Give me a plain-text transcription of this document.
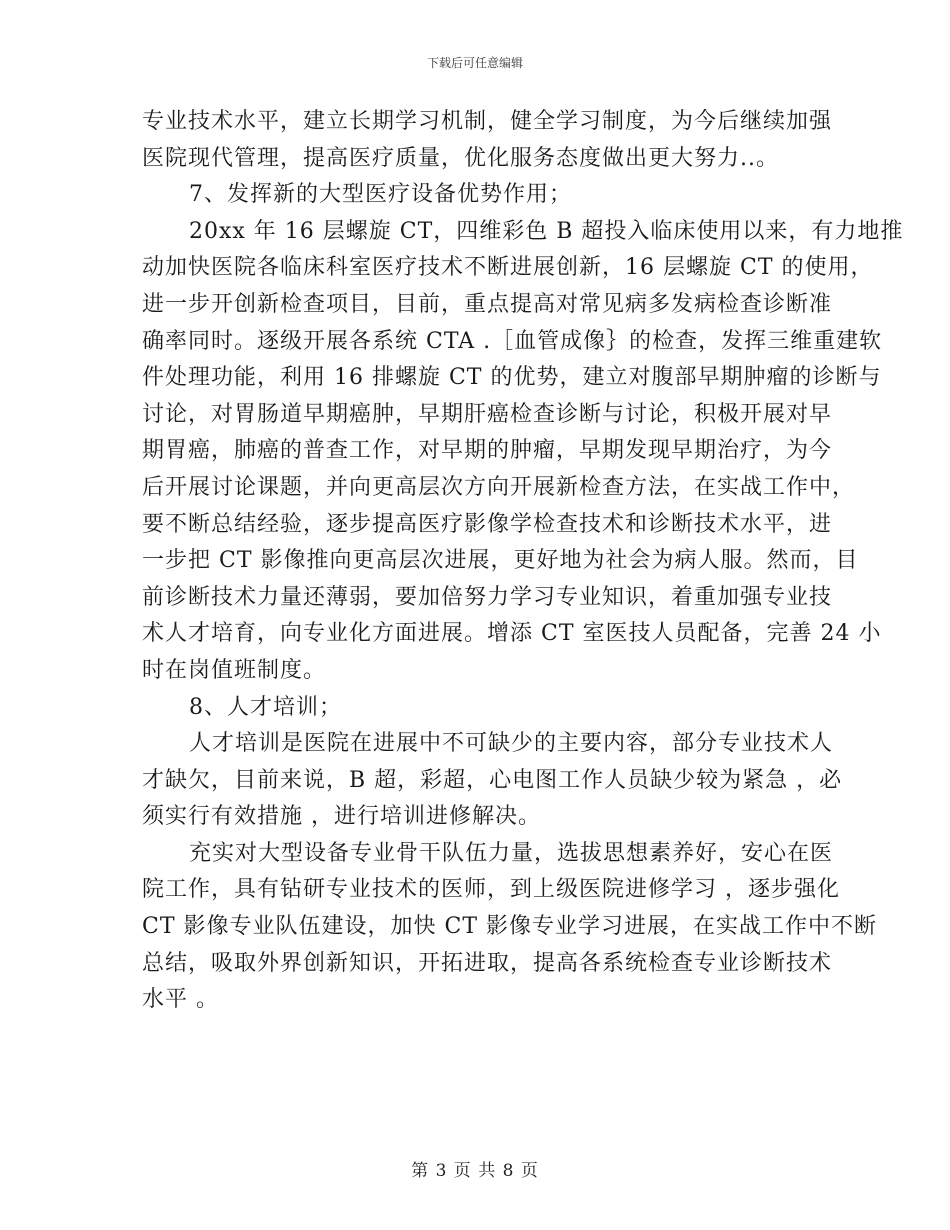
下载后可任意编辑
专业技术水平，建立长期学习机制，健全学习制度，为今后继续加强
医院现代管理，提高医疗质量，优化服务态度做出更大努力..。
7、发挥新的大型医疗设备优势作用；
20xx 年 16 层螺旋 CT，四维彩色 B 超投入临床使用以来，有力地推
动加快医院各临床科室医疗技术不断进展创新，16 层螺旋 CT 的使用，
进一步开创新检查项目，目前，重点提高对常见病多发病检查诊断准
确率同时。逐级开展各系统 CTA .［血管成像｝的检查，发挥三维重建软
件处理功能，利用 16 排螺旋 CT 的优势，建立对腹部早期肿瘤的诊断与
讨论，对胃肠道早期癌肿，早期肝癌检查诊断与讨论，积极开展对早
期胃癌，肺癌的普查工作，对早期的肿瘤，早期发现早期治疗，为今
后开展讨论课题，并向更高层次方向开展新检查方法，在实战工作中，
要不断总结经验，逐步提高医疗影像学检查技术和诊断技术水平，进
一步把 CT 影像推向更高层次进展，更好地为社会为病人服。然而，目
前诊断技术力量还薄弱，要加倍努力学习专业知识，着重加强专业技
术人才培育，向专业化方面进展。增添 CT 室医技人员配备，完善 24 小
时在岗值班制度。
8、人才培训；
人才培训是医院在进展中不可缺少的主要内容，部分专业技术人
才缺欠，目前来说，B 超，彩超，心电图工作人员缺少较为紧急 ，必
须实行有效措施 ，进行培训进修解决。
充实对大型设备专业骨干队伍力量，选拔思想素养好，安心在医
院工作，具有钻研专业技术的医师，到上级医院进修学习 ，逐步强化
CT 影像专业队伍建设，加快 CT 影像专业学习进展，在实战工作中不断
总结，吸取外界创新知识，开拓进取，提高各系统检查专业诊断技术
水平 。
第 3 页 共 8 页
